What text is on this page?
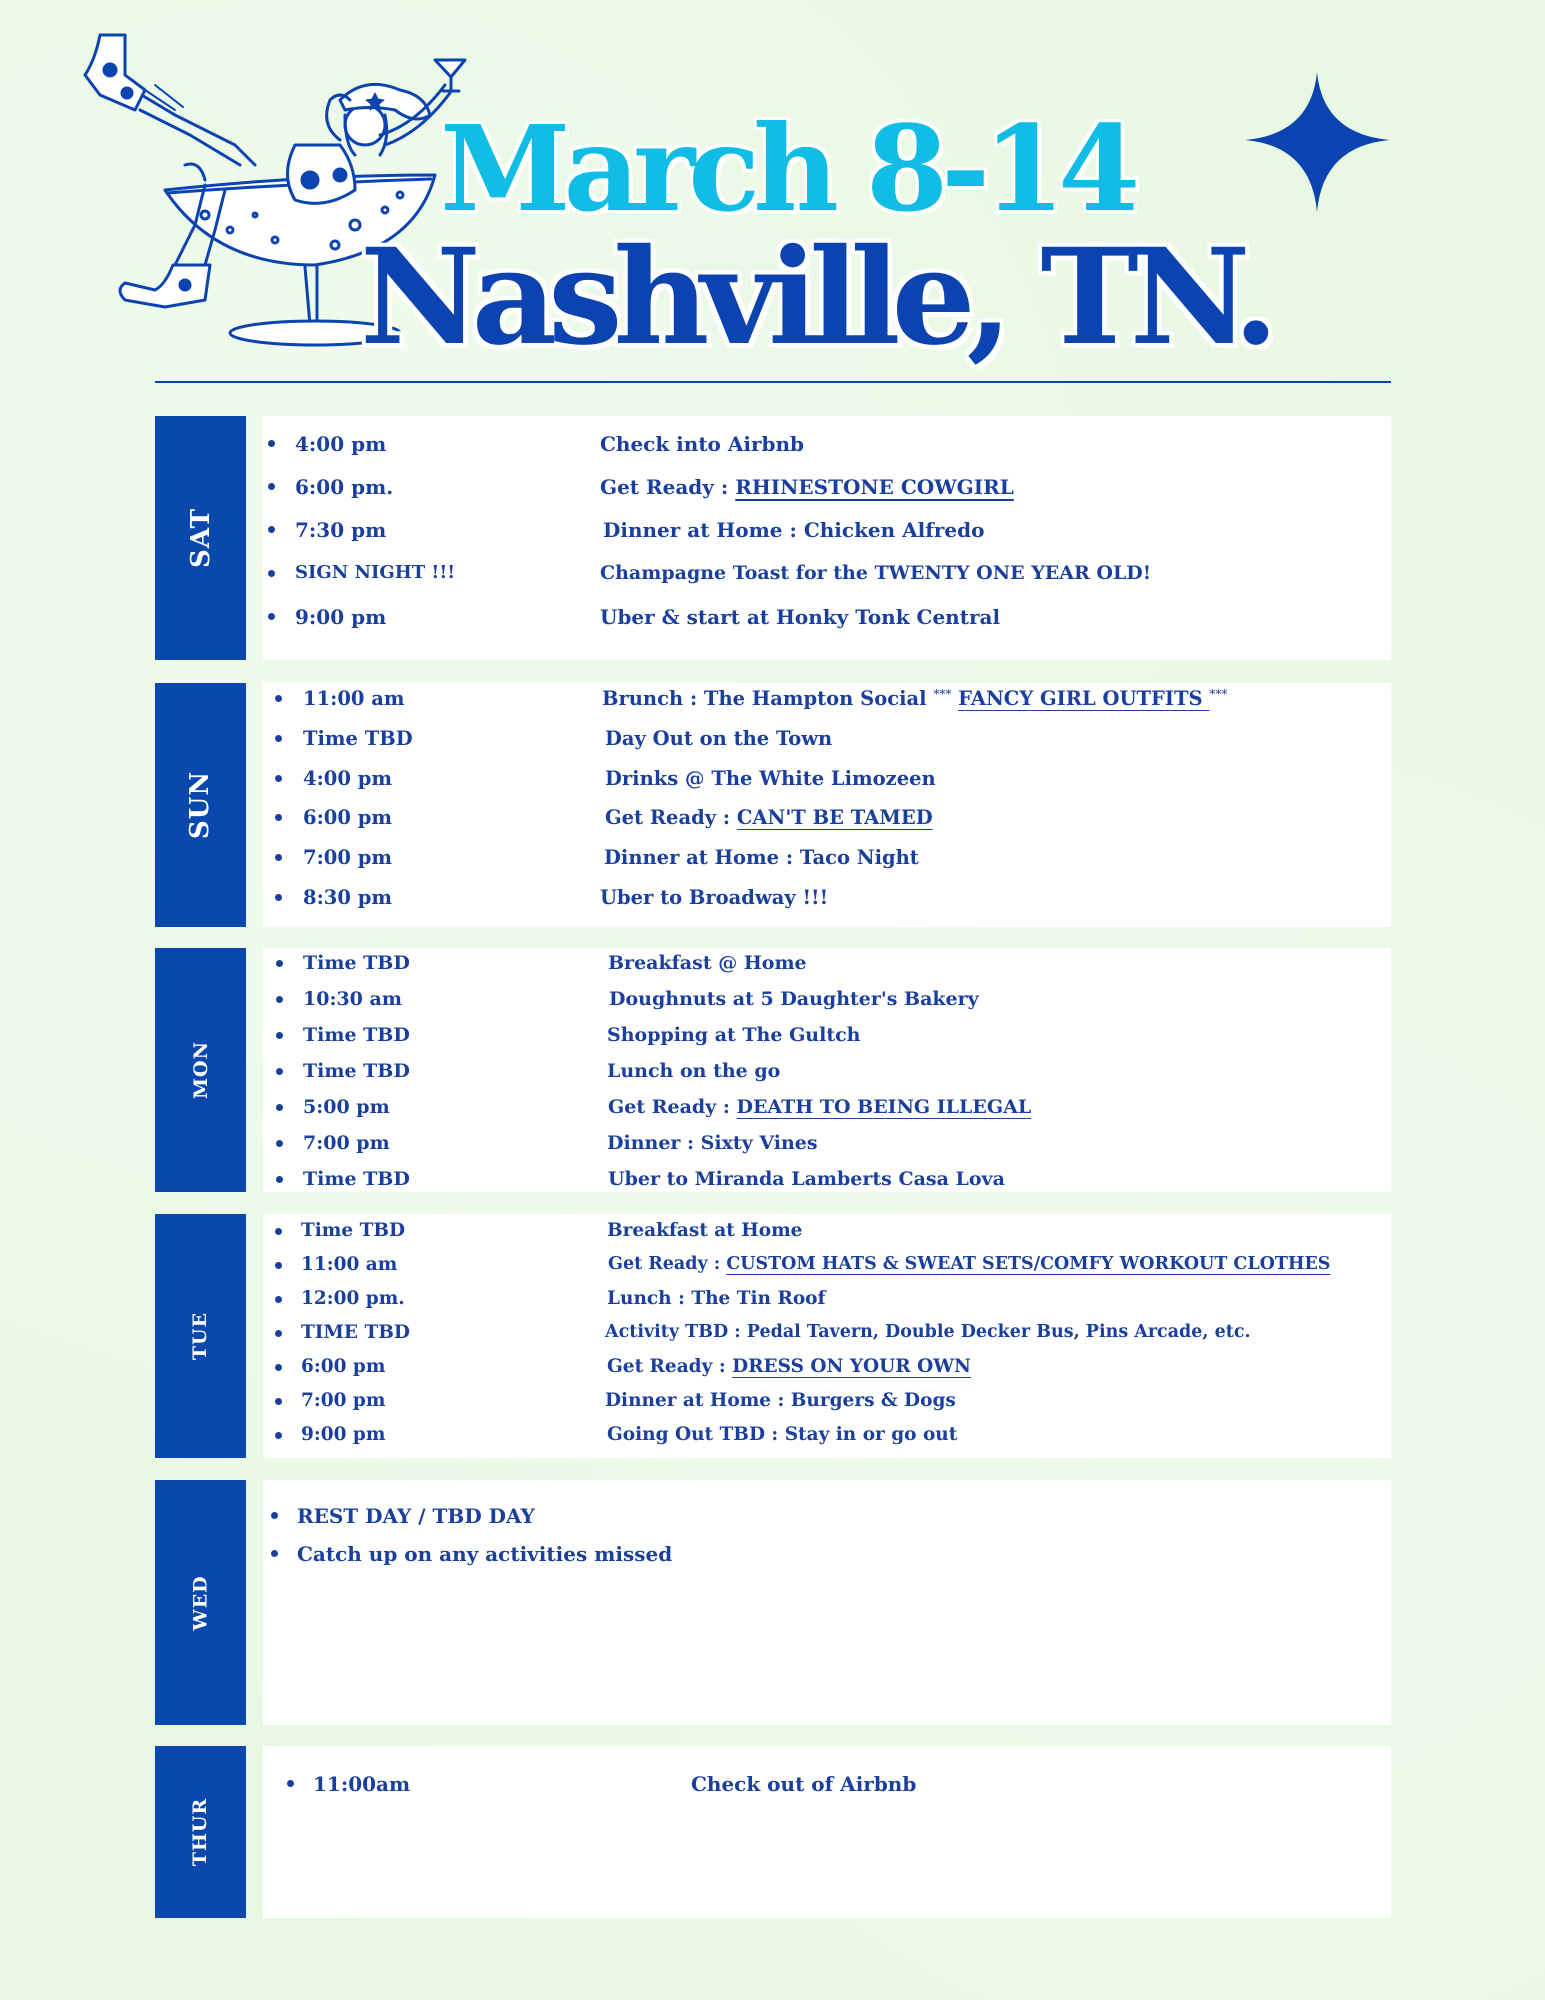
March 8-14
Nashville, TN.
SAT
4:00 pm	Check into Airbnb
6:00 pm.	Get Ready : RHINESTONE COWGIRL
7:30 pm	Dinner at Home : Chicken Alfredo
SIGN NIGHT !!!	Champagne Toast for the TWENTY ONE YEAR OLD!
9:00 pm	Uber & start at Honky Tonk Central
SUN
11:00 am	Brunch : The Hampton Social *** FANCY GIRL OUTFITS ***
Time TBD	Day Out on the Town
4:00 pm	Drinks @ The White Limozeen
6:00 pm	Get Ready : CAN'T BE TAMED
7:00 pm	Dinner at Home : Taco Night
8:30 pm	Uber to Broadway !!!
MON
Time TBD	Breakfast @ Home
10:30 am	Doughnuts at 5 Daughter's Bakery
Time TBD	Shopping at The Gultch
Time TBD	Lunch on the go
5:00 pm	Get Ready : DEATH TO BEING ILLEGAL
7:00 pm	Dinner : Sixty Vines
Time TBD	Uber to Miranda Lamberts Casa Lova
TUE
Time TBD	Breakfast at Home
11:00 am	Get Ready : CUSTOM HATS & SWEAT SETS/COMFY WORKOUT CLOTHES
12:00 pm.	Lunch : The Tin Roof
TIME TBD	Activity TBD : Pedal Tavern, Double Decker Bus, Pins Arcade, etc.
6:00 pm	Get Ready : DRESS ON YOUR OWN
7:00 pm	Dinner at Home : Burgers & Dogs
9:00 pm	Going Out TBD : Stay in or go out
WED
REST DAY / TBD DAY
Catch up on any activities missed
THUR
11:00am	Check out of Airbnb
